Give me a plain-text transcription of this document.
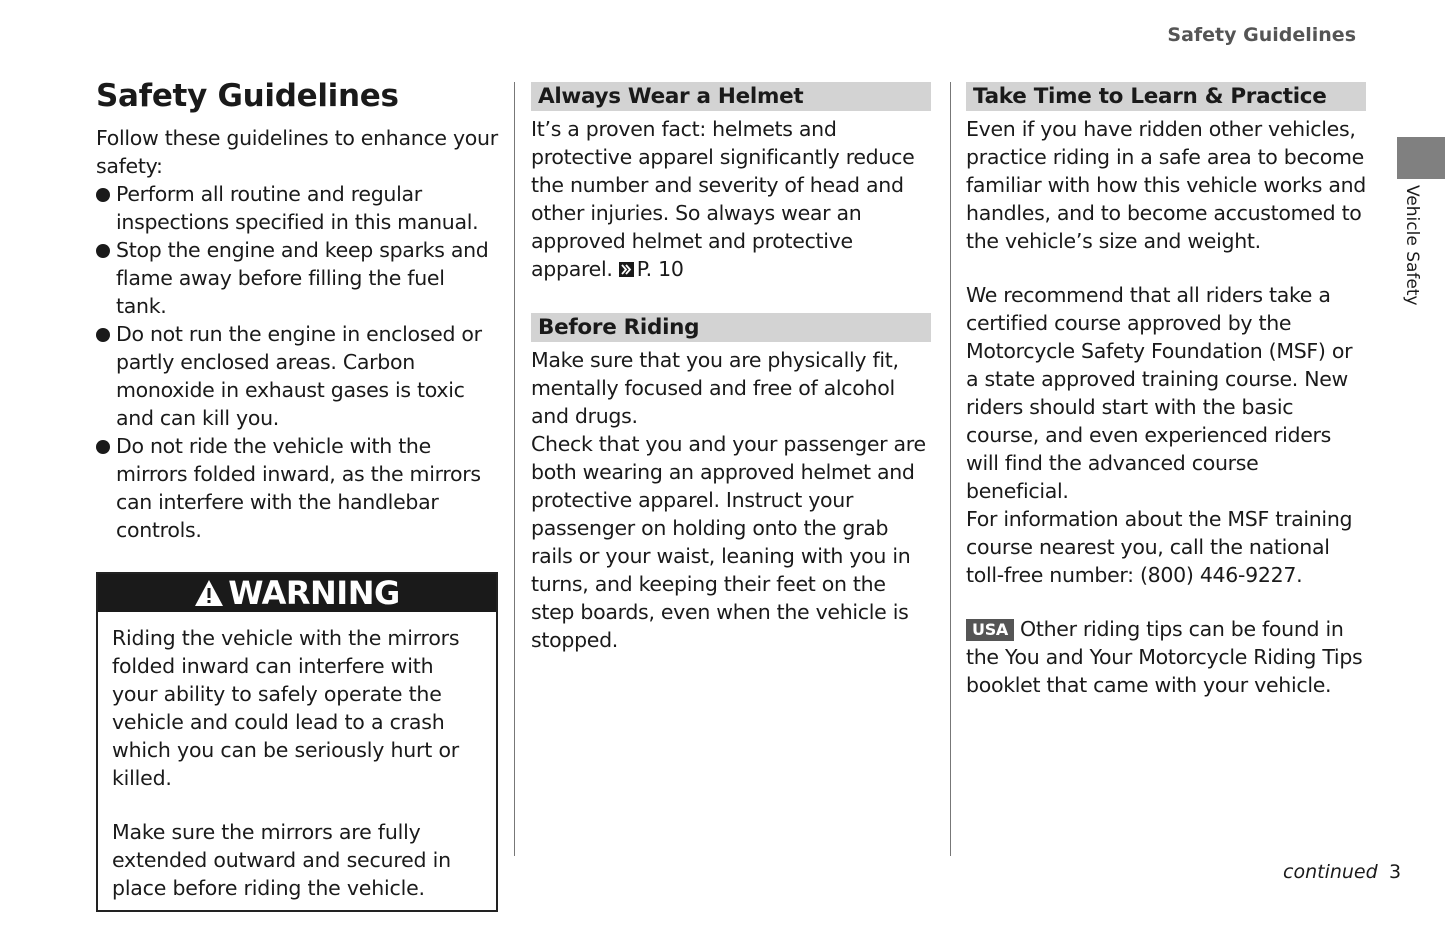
Safety Guidelines
Safety Guidelines

Follow these guidelines to enhance your safety:

Perform all routine and regular inspections specified in this manual.
Stop the engine and keep sparks and flame away before filling the fuel tank.
Do not run the engine in enclosed or partly enclosed areas. Carbon monoxide in exhaust gases is toxic and can kill you.
Do not ride the vehicle with the mirrors folded inward, as the mirrors can interfere with the handlebar controls.
WARNING

Riding the vehicle with the mirrors folded inward can interfere with your ability to safely operate the vehicle and could lead to a crash which you can be seriously hurt or killed.

Make sure the mirrors are fully extended outward and secured in place before riding the vehicle.

Always Wear a Helmet

It’s a proven fact: helmets and protective apparel significantly reduce the number and severity of head and other injuries. So always wear an approved helmet and protective apparel. P. 10

Before Riding

Make sure that you are physically fit, mentally focused and free of alcohol and drugs.

Check that you and your passenger are both wearing an approved helmet and protective apparel. Instruct your passenger on holding onto the grab rails or your waist, leaning with you in turns, and keeping their feet on the step boards, even when the vehicle is stopped.

Take Time to Learn & Practice

Even if you have ridden other vehicles, practice riding in a safe area to become familiar with how this vehicle works and handles, and to become accustomed to the vehicle’s size and weight.

We recommend that all riders take a certified course approved by the Motorcycle Safety Foundation (MSF) or a state approved training course. New riders should start with the basic course, and even experienced riders will find the advanced course beneficial.

For information about the MSF training course nearest you, call the national toll-free number: (800) 446-9227.

USA Other riding tips can be found in the You and Your Motorcycle Riding Tips booklet that came with your vehicle.

Vehicle Safety
continued 3
